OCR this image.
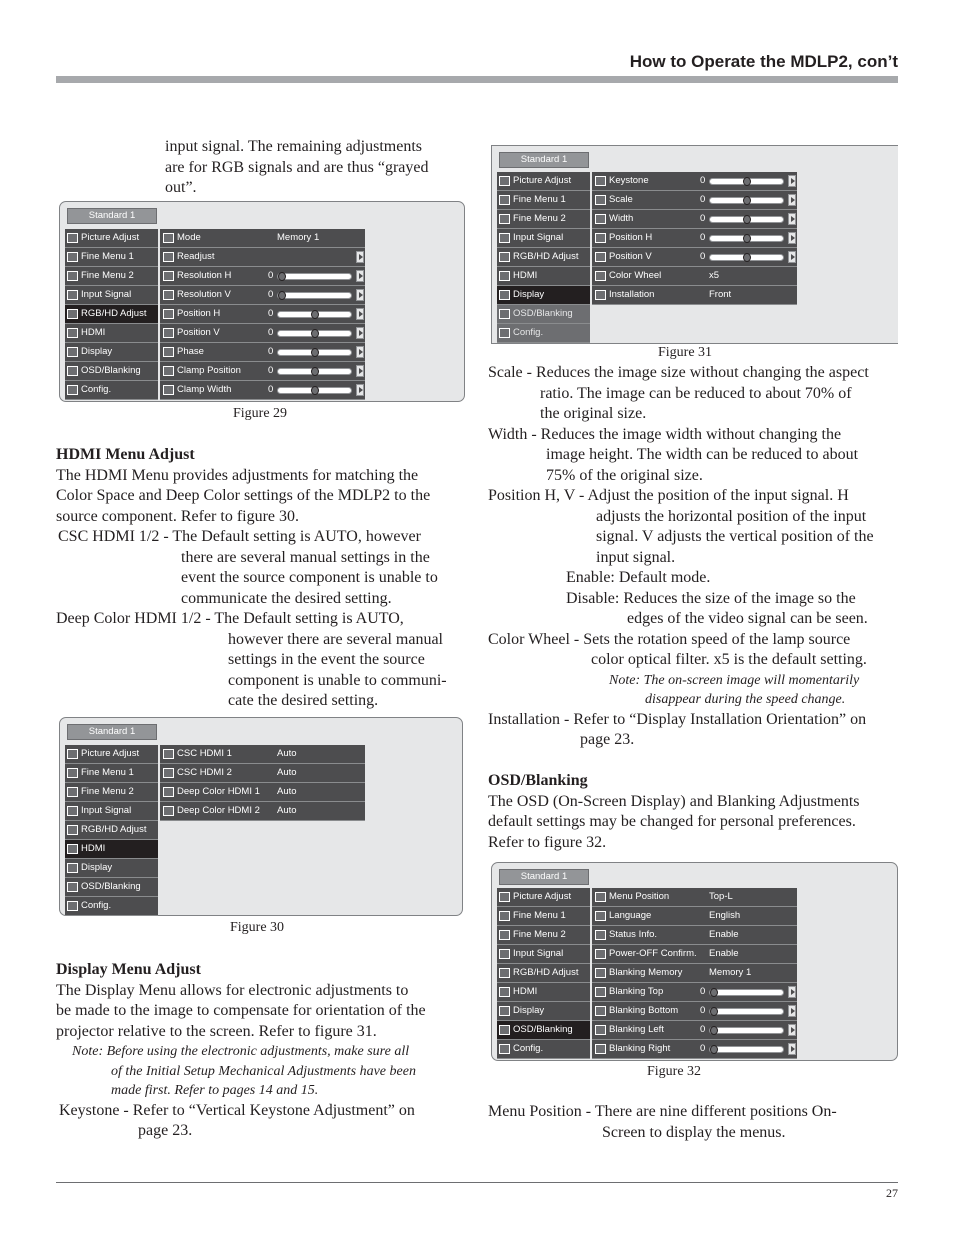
How to Operate the MDLP2, con’t

input signal. The remaining adjustments

are for RGB signals and are thus “grayed

out”.

Standard 1
Picture Adjust
Fine Menu 1
Fine Menu 2
Input Signal
RGB/HD Adjust
HDMI
Display
OSD/Blanking
Config.
Mode	Memory 1
Readjust
Resolution H	0
Resolution V	0
Position H	0
Position V	0
Phase	0
Clamp Position	0
Clamp Width	0
Figure 29

HDMI Menu Adjust

The HDMI Menu provides adjustments for matching the

Color Space and Deep Color settings of the MDLP2 to the

source component. Refer to figure 30.

CSC HDMI 1/2 - The Default setting is AUTO, however

there are several manual settings in the

event the source component is unable to

communicate the desired setting.

Deep Color HDMI 1/2 - The Default setting is AUTO,

however there are several manual

settings in the event the source

component is unable to communi-

cate the desired setting.

Standard 1
Picture Adjust
Fine Menu 1
Fine Menu 2
Input Signal
RGB/HD Adjust
HDMI
Display
OSD/Blanking
Config.
CSC HDMI 1	Auto
CSC HDMI 2	Auto
Deep Color HDMI 1 Auto
Deep Color HDMI 2 Auto
Figure 30

Display Menu Adjust

The Display Menu allows for electronic adjustments to

be made to the image to compensate for orientation of the

projector relative to the screen. Refer to figure 31.

Note: Before using the electronic adjustments, make sure all

of the Initial Setup Mechanical Adjustments have been

made first. Refer to pages 14 and 15.

Keystone - Refer to “Vertical Keystone Adjustment” on

page 23.

Standard 1
Picture Adjust
Fine Menu 1
Fine Menu 2
Input Signal
RGB/HD Adjust
HDMI
Display
OSD/Blanking
Config.
Keystone	0
Scale	0
Width	0
Position H	0
Position V	0
Color Wheel	x5
Installation	Front
Figure 31

Scale - Reduces the image size without changing the aspect

ratio. The image can be reduced to about 70% of

the original size.

Width - Reduces the image width without changing the

image height. The width can be reduced to about

75% of the original size.

Position H, V - Adjust the position of the input signal. H

adjusts the horizontal position of the input

signal. V adjusts the vertical position of the

input signal.

Enable: Default mode.

Disable: Reduces the size of the image so the

edges of the video signal can be seen.

Color Wheel - Sets the rotation speed of the lamp source

color optical filter. x5 is the default setting.

Note: The on-screen image will momentarily

disappear during the speed change.

Installation - Refer to “Display Installation Orientation” on

page 23.

OSD/Blanking

The OSD (On-Screen Display) and Blanking Adjustments

default settings may be changed for personal preferences.

Refer to figure 32.

Standard 1
Picture Adjust
Fine Menu 1
Fine Menu 2
Input Signal
RGB/HD Adjust
HDMI
Display
OSD/Blanking
Config.
Menu Position	Top-L
Language	English
Status Info.	Enable
Power-OFF Confirm. Enable
Blanking Memory	Memory 1
Blanking Top	0
Blanking Bottom 0
Blanking Left	0
Blanking Right	0
Figure 32

Menu Position - There are nine different positions On-

Screen to display the menus.

27
